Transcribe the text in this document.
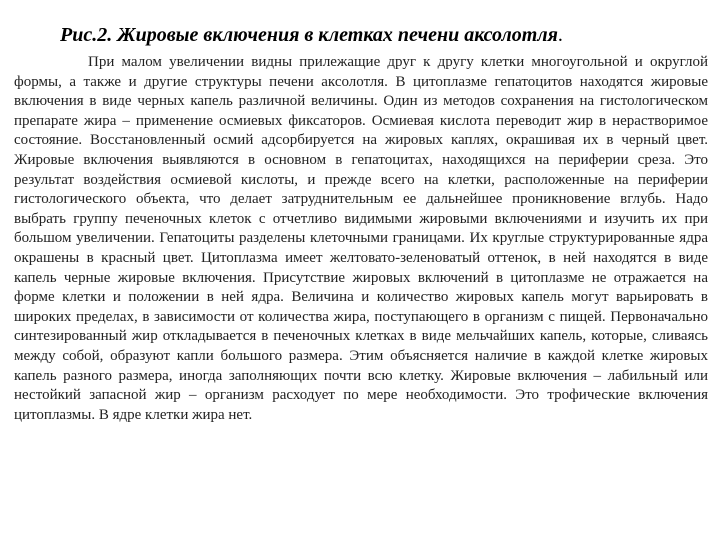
Рис.2. Жировые включения в клетках печени аксолотля.

При малом увеличении видны прилежащие друг к другу клетки многоугольной и округлой формы, а также и другие структуры печени аксолотля. В цитоплазме гепатоцитов находятся жировые включения в виде черных капель различной величины. Один из методов сохранения на гистологическом препарате жира – применение осмиевых фиксаторов. Осмиевая кислота переводит жир в нерастворимое состояние. Восстановленный осмий адсорбируется на жировых каплях, окрашивая их в черный цвет. Жировые включения выявляются в основном в гепатоцитах, находящихся на периферии среза. Это результат воздействия осмиевой кислоты, и прежде всего на клетки, расположенные на периферии гистологического объекта, что делает затруднительным ее дальнейшее проникновение вглубь. Надо выбрать группу печеночных клеток с отчетливо видимыми жировыми включениями и изучить их при большом увеличении. Гепатоциты разделены клеточными границами. Их круглые структурированные ядра окрашены в красный цвет. Цитоплазма имеет желтовато-зеленоватый оттенок, в ней находятся в виде капель черные жировые включения. Присутствие жировых включений в цитоплазме не отражается на форме клетки и положении в ней ядра. Величина и количество жировых капель могут варьировать в широких пределах, в зависимости от количества жира, поступающего в организм с пищей. Первоначально синтезированный жир откладывается в печеночных клетках в виде мельчайших капель, которые, сливаясь между собой, образуют капли большого размера. Этим объясняется наличие в каждой клетке жировых капель разного размера, иногда заполняющих почти всю клетку. Жировые включения – лабильный или нестойкий запасной жир – организм расходует по мере необходимости. Это трофические включения цитоплазмы. В ядре клетки жира нет.
